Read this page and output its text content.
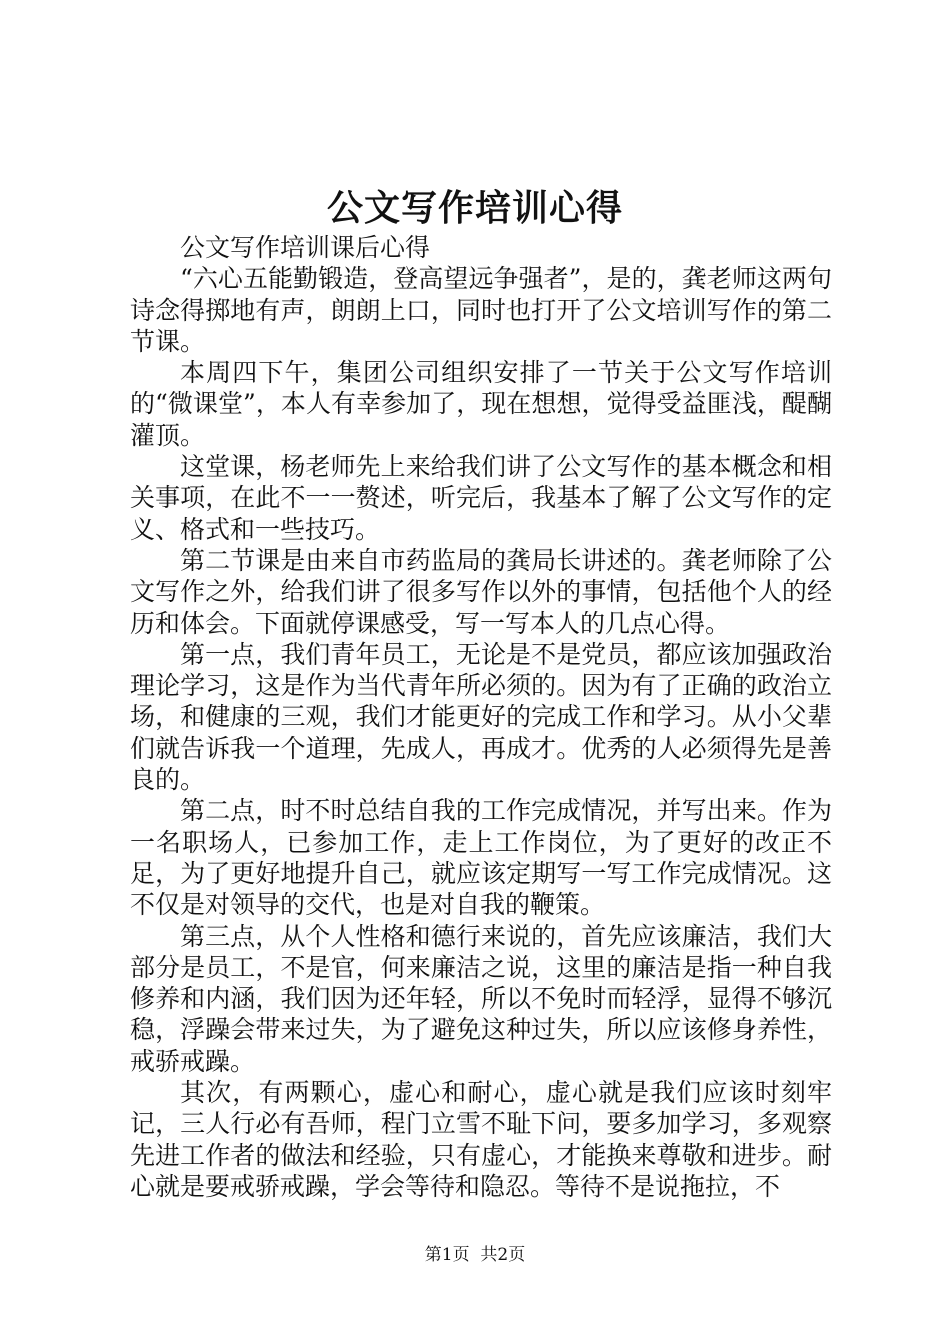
公文写作培训心得

公文写作培训课后心得

“六心五能勤锻造，登高望远争强者”，是的，龚老师这两句诗念得掷地有声，朗朗上口，同时也打开了公文培训写作的第二节课。

本周四下午，集团公司组织安排了一节关于公文写作培训的“微课堂”，本人有幸参加了，现在想想，觉得受益匪浅，醍醐灌顶。

这堂课，杨老师先上来给我们讲了公文写作的基本概念和相关事项，在此不一一赘述，听完后，我基本了解了公文写作的定义、格式和一些技巧。

第二节课是由来自市药监局的龚局长讲述的。龚老师除了公文写作之外，给我们讲了很多写作以外的事情，包括他个人的经历和体会。下面就停课感受，写一写本人的几点心得。

第一点，我们青年员工，无论是不是党员，都应该加强政治理论学习，这是作为当代青年所必须的。因为有了正确的政治立场，和健康的三观，我们才能更好的完成工作和学习。从小父辈们就告诉我一个道理，先成人，再成才。优秀的人必须得先是善良的。

第二点，时不时总结自我的工作完成情况，并写出来。作为一名职场人，已参加工作，走上工作岗位，为了更好的改正不足，为了更好地提升自己，就应该定期写一写工作完成情况。这不仅是对领导的交代，也是对自我的鞭策。

第三点，从个人性格和德行来说的，首先应该廉洁，我们大部分是员工，不是官，何来廉洁之说，这里的廉洁是指一种自我修养和内涵，我们因为还年轻，所以不免时而轻浮，显得不够沉稳，浮躁会带来过失，为了避免这种过失，所以应该修身养性，戒骄戒躁。

其次，有两颗心，虚心和耐心，虚心就是我们应该时刻牢记，三人行必有吾师，程门立雪不耻下问，要多加学习，多观察先进工作者的做法和经验，只有虚心，才能换来尊敬和进步。耐心就是要戒骄戒躁，学会等待和隐忍。等待不是说拖拉，不

第1页 共2页
